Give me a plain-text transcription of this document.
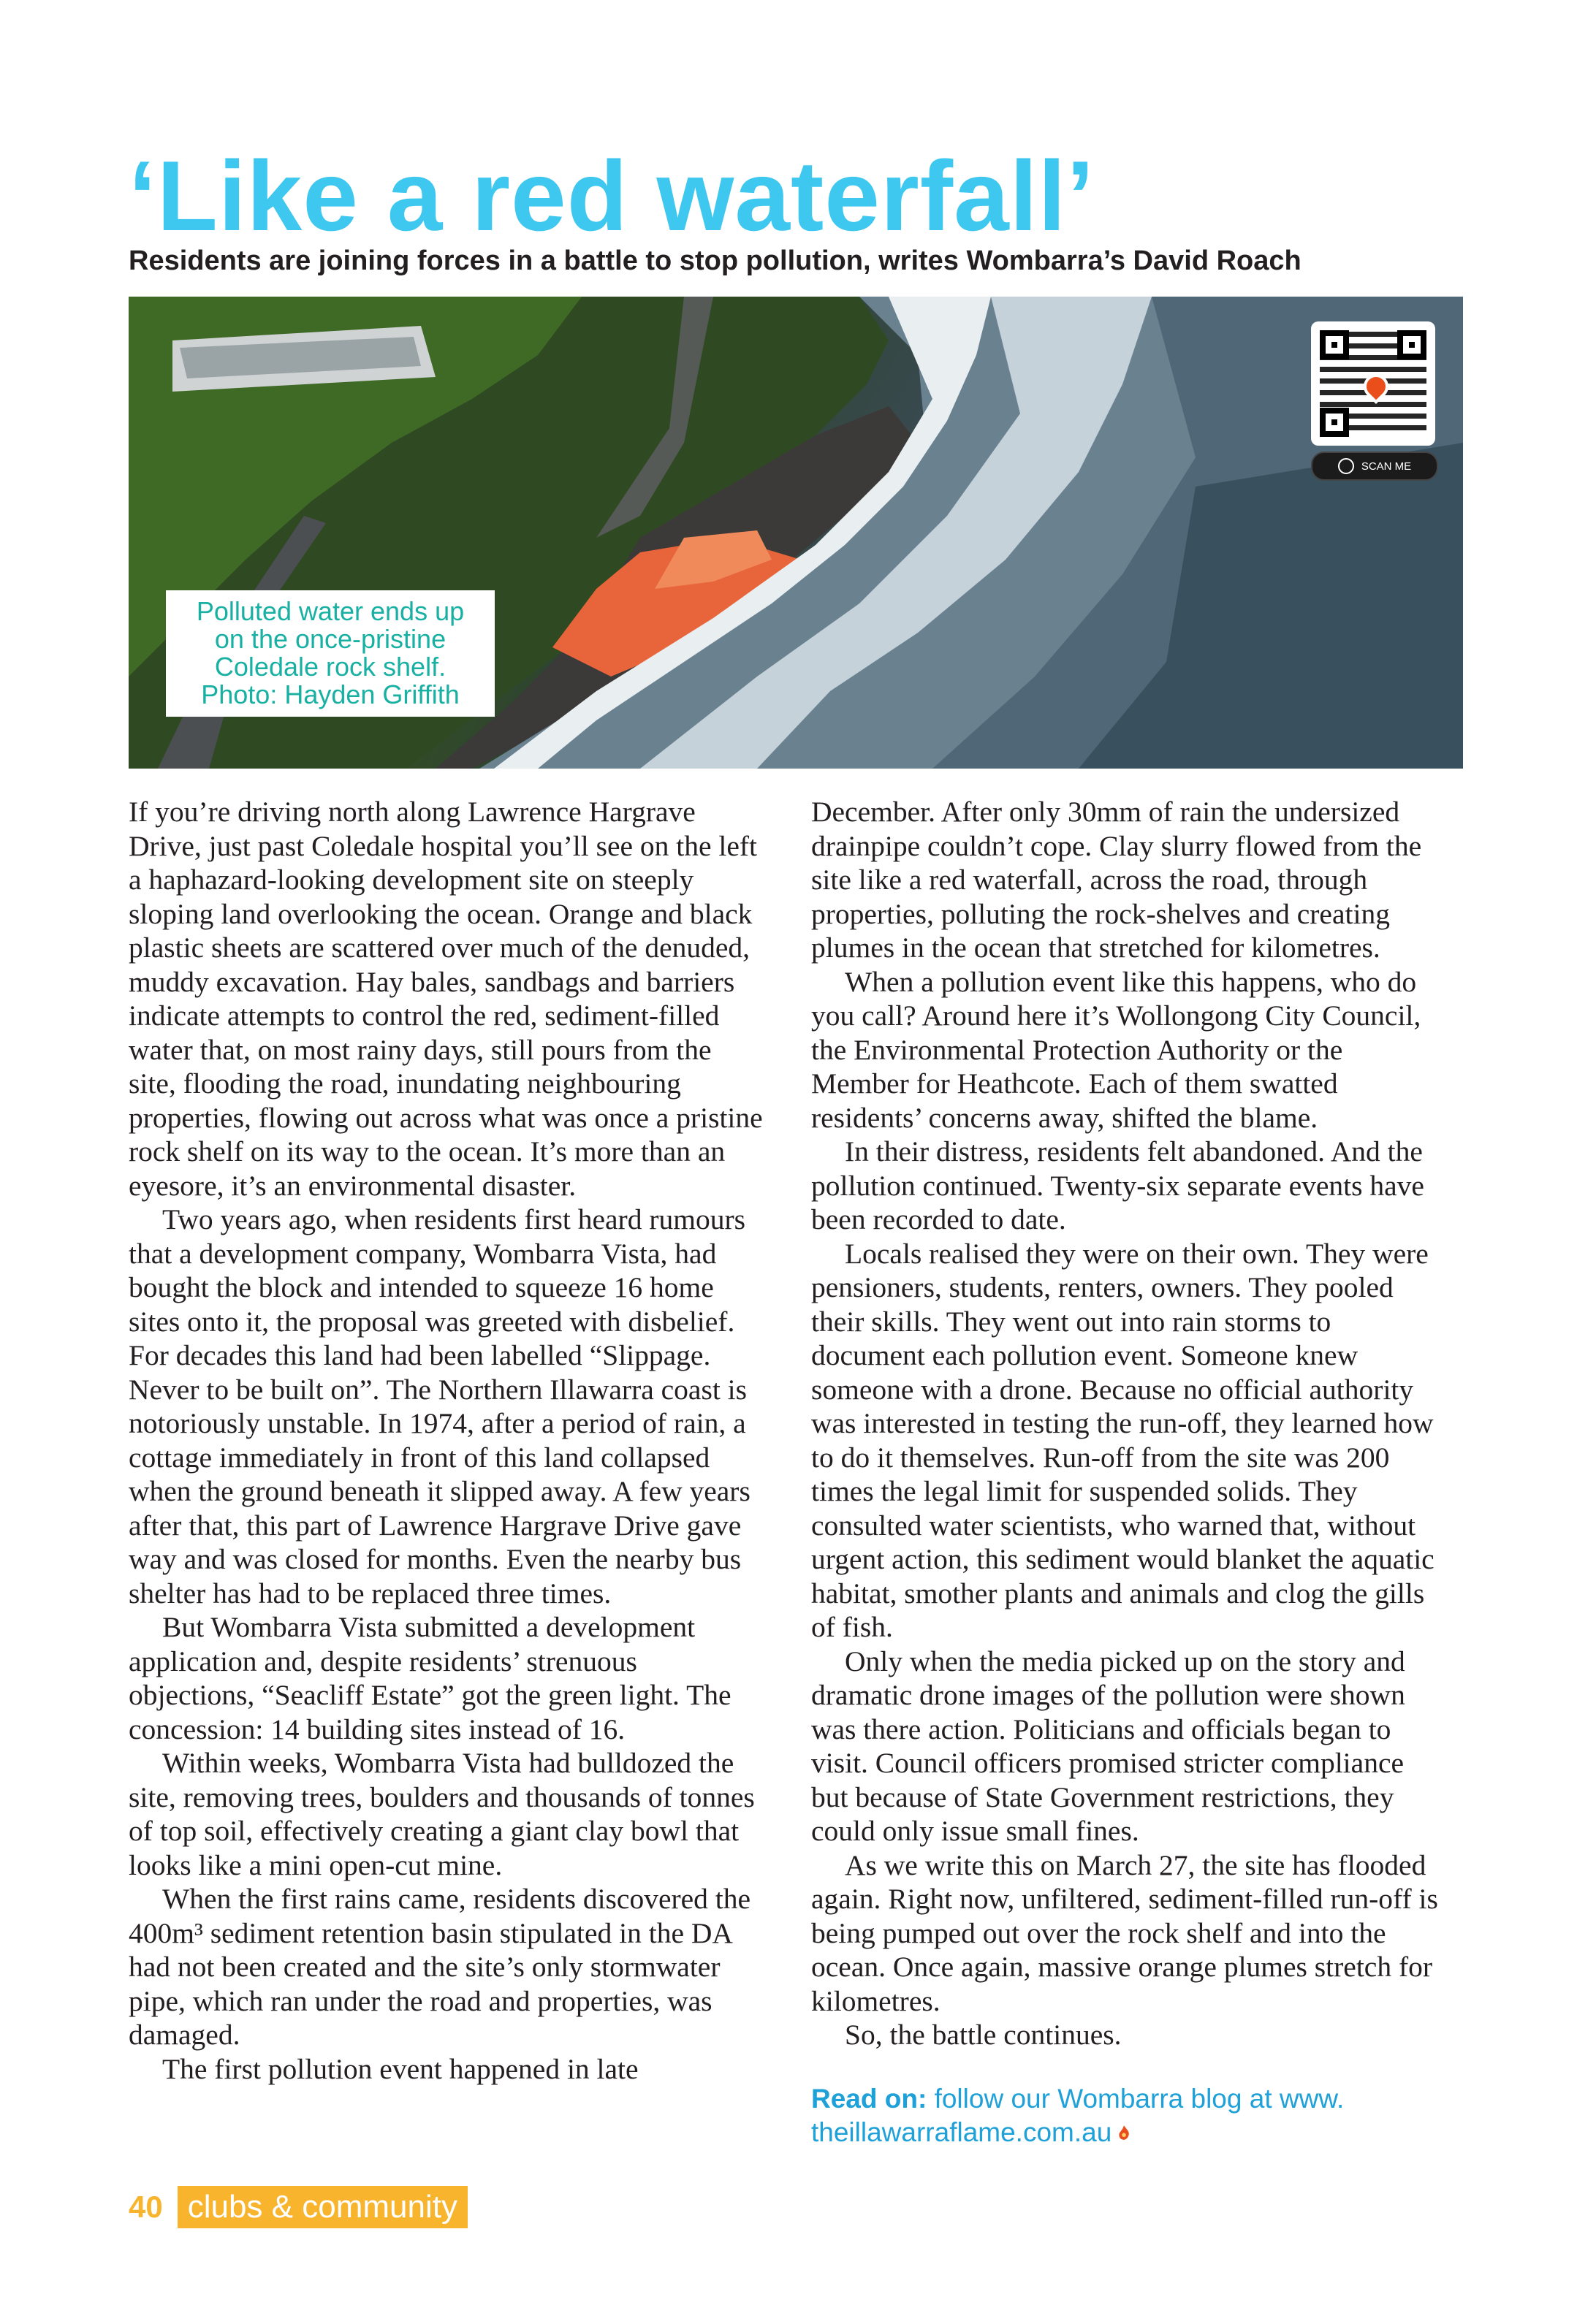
‘Like a red waterfall’
Residents are joining forces in a battle to stop pollution, writes Wombarra’s David Roach
SCAN ME
Polluted water ends up
on the once-pristine
Coledale rock shelf.
Photo: Hayden Griffith

If you’re driving north along Lawrence Hargrave Drive, just past Coledale hospital you’ll see on the left a haphazard-looking development site on steeply sloping land overlooking the ocean. Orange and black plastic sheets are scattered over much of the denuded, muddy excavation. Hay bales, sandbags and barriers indicate attempts to control the red, sediment-filled water that, on most rainy days, still pours from the site, flooding the road, inundating neighbouring properties, flowing out across what was once a pristine rock shelf on its way to the ocean. It’s more than an eyesore, it’s an environmental disaster.

Two years ago, when residents first heard rumours that a development company, Wombarra Vista, had bought the block and intended to squeeze 16 home sites onto it, the proposal was greeted with disbelief. For decades this land had been labelled “Slippage. Never to be built on”. The Northern Illawarra coast is notoriously unstable. In 1974, after a period of rain, a cottage immediately in front of this land collapsed when the ground beneath it slipped away. A few years after that, this part of Lawrence Hargrave Drive gave way and was closed for months. Even the nearby bus shelter has had to be replaced three times.

But Wombarra Vista submitted a development application and, despite residents’ strenuous objections, “Seacliff Estate” got the green light. The concession: 14 building sites instead of 16.

Within weeks, Wombarra Vista had bulldozed the site, removing trees, boulders and thousands of tonnes of top soil, effectively creating a giant clay bowl that looks like a mini open-cut mine.

When the first rains came, residents discovered the 400m³ sediment retention basin stipulated in the DA had not been created and the site’s only stormwater pipe, which ran under the road and properties, was damaged.

The first pollution event happened in late

December. After only 30mm of rain the undersized drainpipe couldn’t cope. Clay slurry flowed from the site like a red waterfall, across the road, through properties, polluting the rock-shelves and creating plumes in the ocean that stretched for kilometres.

When a pollution event like this happens, who do you call? Around here it’s Wollongong City Council, the Environmental Protection Authority or the Member for Heathcote. Each of them swatted residents’ concerns away, shifted the blame.

In their distress, residents felt abandoned. And the pollution continued. Twenty-six separate events have been recorded to date.

Locals realised they were on their own. They were pensioners, students, renters, owners. They pooled their skills. They went out into rain storms to document each pollution event. Someone knew someone with a drone. Because no official authority was interested in testing the run-off, they learned how to do it themselves. Run-off from the site was 200 times the legal limit for suspended solids. They consulted water scientists, who warned that, without urgent action, this sediment would blanket the aquatic habitat, smother plants and animals and clog the gills of fish.

Only when the media picked up on the story and dramatic drone images of the pollution were shown was there action. Politicians and officials began to visit. Council officers promised stricter compliance but because of State Government restrictions, they could only issue small fines.

As we write this on March 27, the site has flooded again. Right now, unfiltered, sediment-filled run-off is being pumped out over the rock shelf and into the ocean. Once again, massive orange plumes stretch for kilometres.

So, the battle continues.

Read on: follow our Wombarra blog at www.
theillawarraflame.com.au
40 clubs & community
